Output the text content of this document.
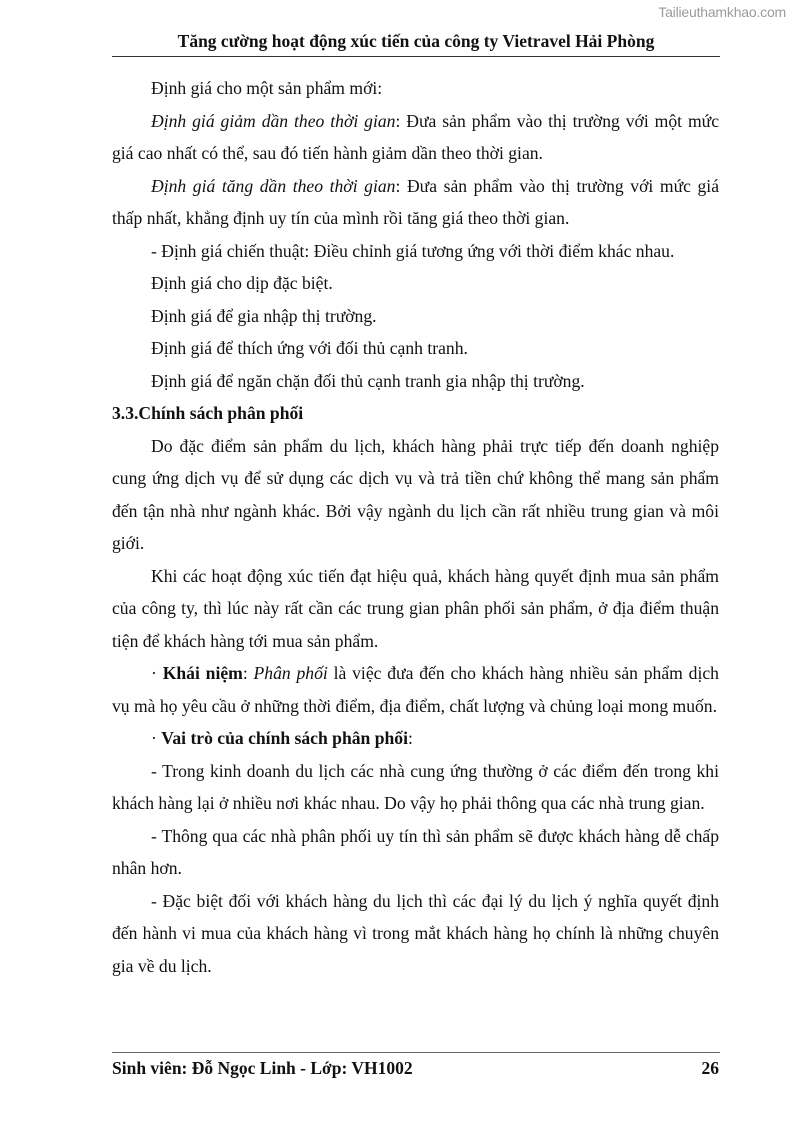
Tailieuthamkhao.com
Tăng cường hoạt động xúc tiến của công ty Vietravel Hải Phòng

Định giá cho một sản phẩm mới:

Định giá giảm dần theo thời gian: Đưa sản phẩm vào thị trường với một mức giá cao nhất có thể, sau đó tiến hành giảm dần theo thời gian.

Định giá tăng dần theo thời gian: Đưa sản phẩm vào thị trường với mức giá thấp nhất, khẳng định uy tín của mình rồi tăng giá theo thời gian.

- Định giá chiến thuật: Điều chỉnh giá tương ứng với thời điểm khác nhau.

Định giá cho dịp đặc biệt.

Định giá để gia nhập thị trường.

Định giá để thích ứng với đối thủ cạnh tranh.

Định giá để ngăn chặn đối thủ cạnh tranh gia nhập thị trường.

3.3.Chính sách phân phối

Do đặc điểm sản phẩm du lịch, khách hàng phải trực tiếp đến doanh nghiệp cung ứng dịch vụ để sử dụng các dịch vụ và trả tiền chứ không thể mang sản phẩm đến tận nhà như ngành khác. Bởi vậy ngành du lịch cần rất nhiều trung gian và môi giới.

Khi các hoạt động xúc tiến đạt hiệu quả, khách hàng quyết định mua sản phẩm của công ty, thì lúc này rất cần các trung gian phân phối sản phẩm, ở địa điểm thuận tiện để khách hàng tới mua sản phẩm.

· Khái niệm: Phân phối là việc đưa đến cho khách hàng nhiều sản phẩm dịch vụ mà họ yêu cầu ở những thời điểm, địa điểm, chất lượng và chủng loại mong muốn.

· Vai trò của chính sách phân phối:

- Trong kinh doanh du lịch các nhà cung ứng thường ở các điểm đến trong khi khách hàng lại ở nhiều nơi khác nhau. Do vậy họ phải thông qua các nhà trung gian.

- Thông qua các nhà phân phối uy tín thì sản phẩm sẽ được khách hàng dễ chấp nhân hơn.

- Đặc biệt đối với khách hàng du lịch thì các đại lý du lịch ý nghĩa quyết định đến hành vi mua của khách hàng vì trong mắt khách hàng họ chính là những chuyên gia về du lịch.

Sinh viên: Đỗ Ngọc Linh - Lớp: VH1002	26
